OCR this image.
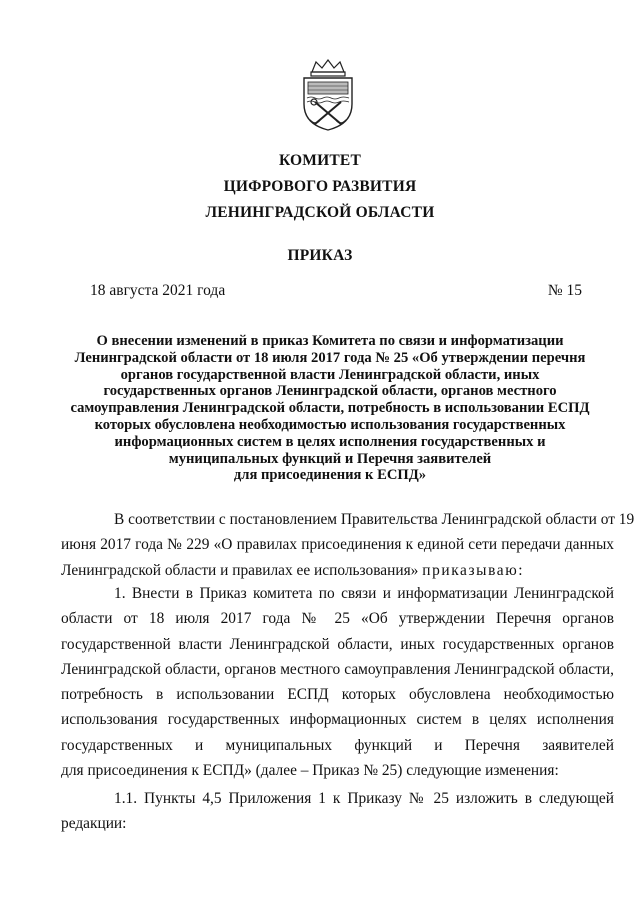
КОМИТЕТ
ЦИФРОВОГО РАЗВИТИЯ
ЛЕНИНГРАДСКОЙ ОБЛАСТИ
ПРИКАЗ
18 августа 2021 года	№ 15
О внесении изменений в приказ Комитета по связи и информатизации
Ленинградской области от 18 июля 2017 года № 25 «Об утверждении перечня
органов государственной власти Ленинградской области, иных
государственных органов Ленинградской области, органов местного
самоуправления Ленинградской области, потребность в использовании ЕСПД
которых обусловлена необходимостью использования государственных
информационных систем в целях исполнения государственных и
муниципальных функций и Перечня заявителей
для присоединения к ЕСПД»
В соответствии с постановлением Правительства Ленинградской области от 19
июня 2017 года № 229 «О правилах присоединения к единой сети передачи данных
Ленинградской области и правилах ее использования» приказываю:
1. Внести в Приказ комитета по связи и информатизации Ленинградской
области от 18 июля 2017 года № 25 «Об утверждении Перечня органов
государственной власти Ленинградской области, иных государственных органов
Ленинградской области, органов местного самоуправления Ленинградской области,
потребность в использовании ЕСПД которых обусловлена необходимостью
использования государственных информационных систем в целях исполнения
государственных и муниципальных функций и Перечня заявителей
для присоединения к ЕСПД» (далее – Приказ № 25) следующие изменения:
1.1. Пункты 4,5 Приложения 1 к Приказу № 25 изложить в следующей
редакции:
